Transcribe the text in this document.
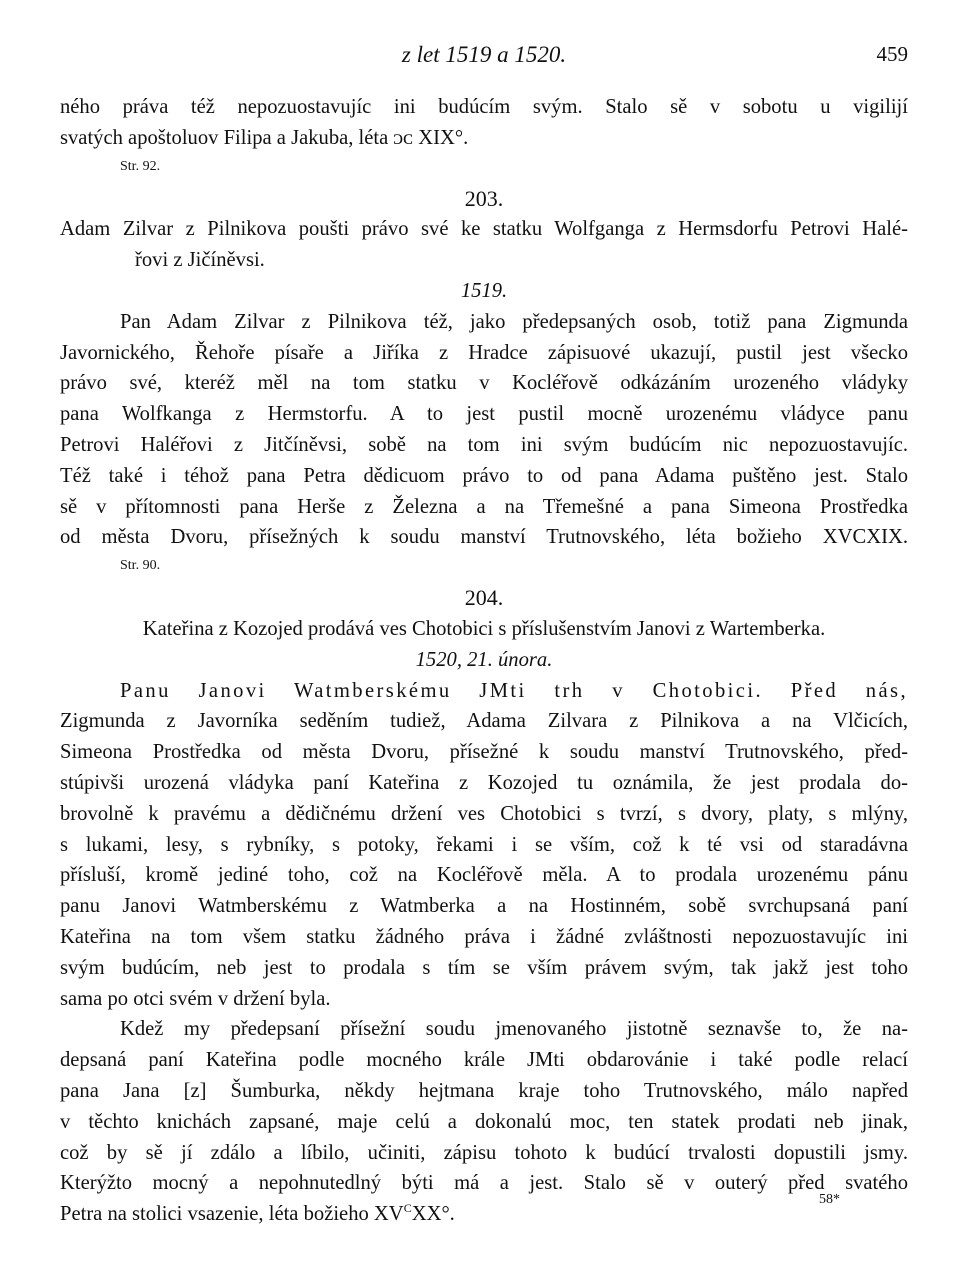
z let 1519 a 1520.	459
ného práva též nepozuostavujíc ini budúcím svým. Stalo sě v sobotu u vigilijí
svatých apoštoluov Filipa a Jakuba, léta ᴐᴄ XIX°.
Str. 92.
203.
Adam Zilvar z Pilnikova poušti právo své ke statku Wolfganga z Hermsdorfu Petrovi Halé-
řovi z Jičíněvsi.
1519.
Pan Adam Zilvar z Pilnikova též, jako předepsaných osob, totiž pana Zigmunda
Javornického, Řehoře písaře a Jiříka z Hradce zápisuové ukazují, pustil jest všecko
právo své, kteréž měl na tom statku v Kocléřově odkázáním urozeného vládyky
pana Wolfkanga z Hermstorfu. A to jest pustil mocně urozenému vládyce panu
Petrovi Haléřovi z Jitčíněvsi, sobě na tom ini svým budúcím nic nepozuostavujíc.
Též také i téhož pana Petra dědicuom právo to od pana Adama puštěno jest. Stalo
sě v přítomnosti pana Herše z Železna a na Třemešné a pana Simeona Prostředka
od města Dvoru, přísežných k soudu manství Trutnovského, léta božieho XVCXIX.
Str. 90.
204.
Kateřina z Kozojed prodává ves Chotobici s příslušenstvím Janovi z Wartemberka.
1520, 21. února.
Panu Janovi Watmberskému JMti trh v Chotobici. Před nás,
Zigmunda z Javorníka seděním tudiež, Adama Zilvara z Pilnikova a na Vlčicích,
Simeona Prostředka od města Dvoru, přísežné k soudu manství Trutnovského, před-
stúpivši urozená vládyka paní Kateřina z Kozojed tu oznámila, že jest prodala do-
brovolně k pravému a dědičnému držení ves Chotobici s tvrzí, s dvory, platy, s mlýny,
s lukami, lesy, s rybníky, s potoky, řekami i se vším, což k té vsi od staradávna
přísluší, kromě jediné toho, což na Kocléřově měla. A to prodala urozenému pánu
panu Janovi Watmberskému z Watmberka a na Hostinném, sobě svrchupsaná paní
Kateřina na tom všem statku žádného práva i žádné zvláštnosti nepozuostavujíc ini
svým budúcím, neb jest to prodala s tím se vším právem svým, tak jakž jest toho
sama po otci svém v držení byla.
Kdež my předepsaní přísežní soudu jmenovaného jistotně seznavše to, že na-
depsaná paní Kateřina podle mocného krále JMti obdarovánie i také podle relací
pana Jana [z] Šumburka, někdy hejtmana kraje toho Trutnovského, málo napřed
v těchto knichách zapsané, maje celú a dokonalú moc, ten statek prodati neb jinak,
což by sě jí zdálo a líbilo, učiniti, zápisu tohoto k budúcí trvalosti dopustili jsmy.
Kterýžto mocný a nepohnutedlný býti má a jest. Stalo sě v outerý před svatého
Petra na stolici vsazenie, léta božieho $XV^CXX^\circ$.
58*
